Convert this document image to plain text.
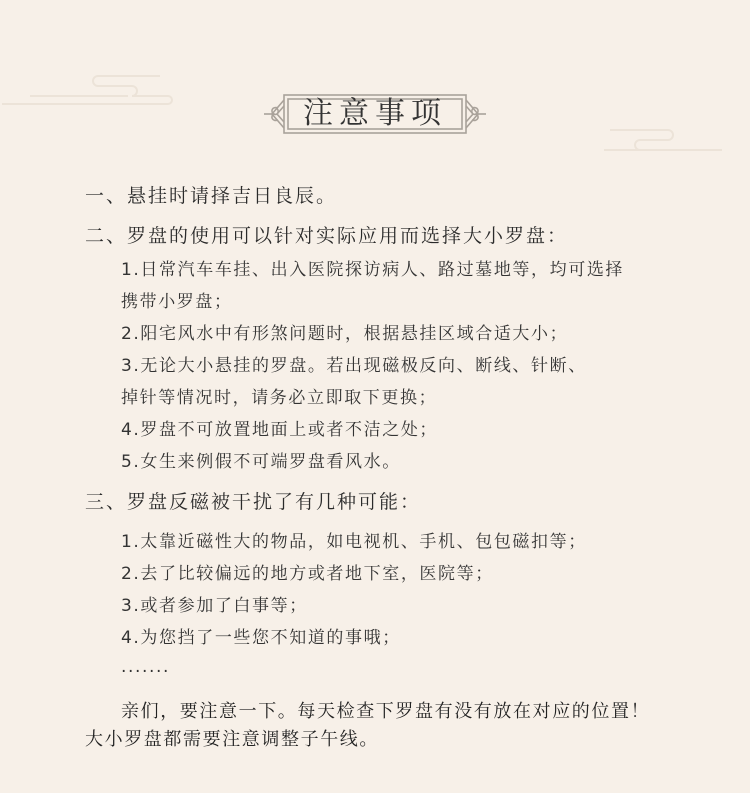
注意事项
一、悬挂时请择吉日良辰。
二、罗盘的使用可以针对实际应用而选择大小罗盘：
1.日常汽车车挂、出入医院探访病人、路过墓地等，均可选择
携带小罗盘；
2.阳宅风水中有形煞问题时，根据悬挂区域合适大小；
3.无论大小悬挂的罗盘。若出现磁极反向、断线、针断、
掉针等情况时，请务必立即取下更换；
4.罗盘不可放置地面上或者不洁之处；
5.女生来例假不可端罗盘看风水。
三、罗盘反磁被干扰了有几种可能：
1.太靠近磁性大的物品，如电视机、手机、包包磁扣等；
2.去了比较偏远的地方或者地下室，医院等；
3.或者参加了白事等；
4.为您挡了一些您不知道的事哦；
·······
亲们，要注意一下。每天检查下罗盘有没有放在对应的位置！
大小罗盘都需要注意调整子午线。
